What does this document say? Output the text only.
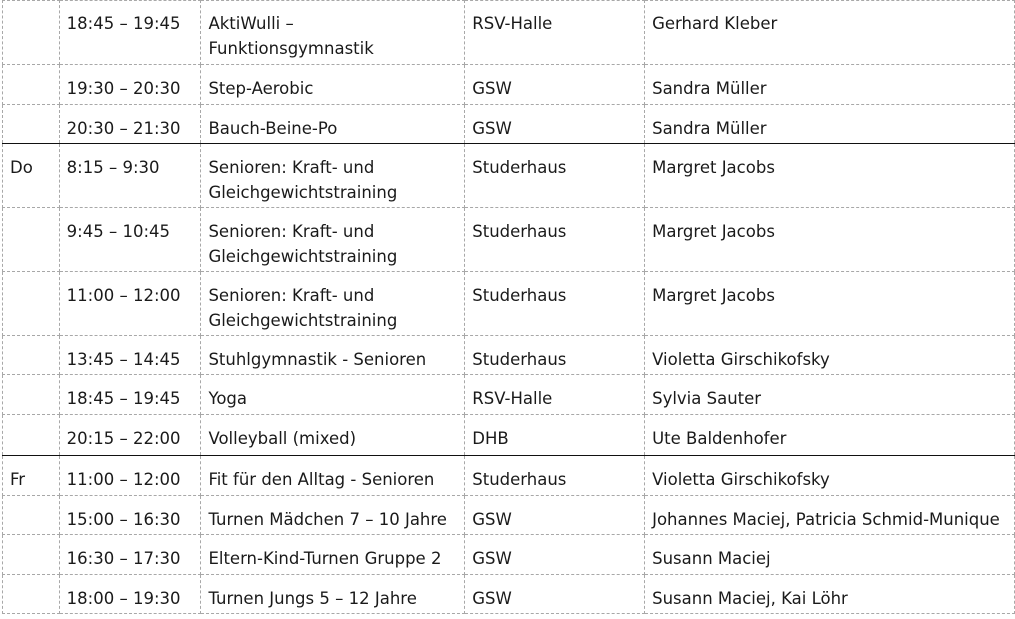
	18:45 – 19:45	AktiWulli – Funktionsgymnastik	RSV-Halle	Gerhard Kleber
	19:30 – 20:30	Step-Aerobic	GSW	Sandra Müller
	20:30 – 21:30	Bauch-Beine-Po	GSW	Sandra Müller
Do	8:15 – 9:30	Senioren: Kraft- und Gleichgewichtstraining	Studerhaus	Margret Jacobs
	9:45 – 10:45	Senioren: Kraft- und Gleichgewichtstraining	Studerhaus	Margret Jacobs
	11:00 – 12:00	Senioren: Kraft- und Gleichgewichtstraining	Studerhaus	Margret Jacobs
	13:45 – 14:45	Stuhlgymnastik - Senioren	Studerhaus	Violetta Girschikofsky
	18:45 – 19:45	Yoga	RSV-Halle	Sylvia Sauter
	20:15 – 22:00	Volleyball (mixed)	DHB	Ute Baldenhofer
Fr	11:00 – 12:00	Fit für den Alltag - Senioren	Studerhaus	Violetta Girschikofsky
	15:00 – 16:30	Turnen Mädchen 7 – 10 Jahre	GSW	Johannes Maciej, Patricia Schmid-Munique
	16:30 – 17:30	Eltern-Kind-Turnen Gruppe 2	GSW	Susann Maciej
	18:00 – 19:30	Turnen Jungs 5 – 12 Jahre	GSW	Susann Maciej, Kai Löhr
